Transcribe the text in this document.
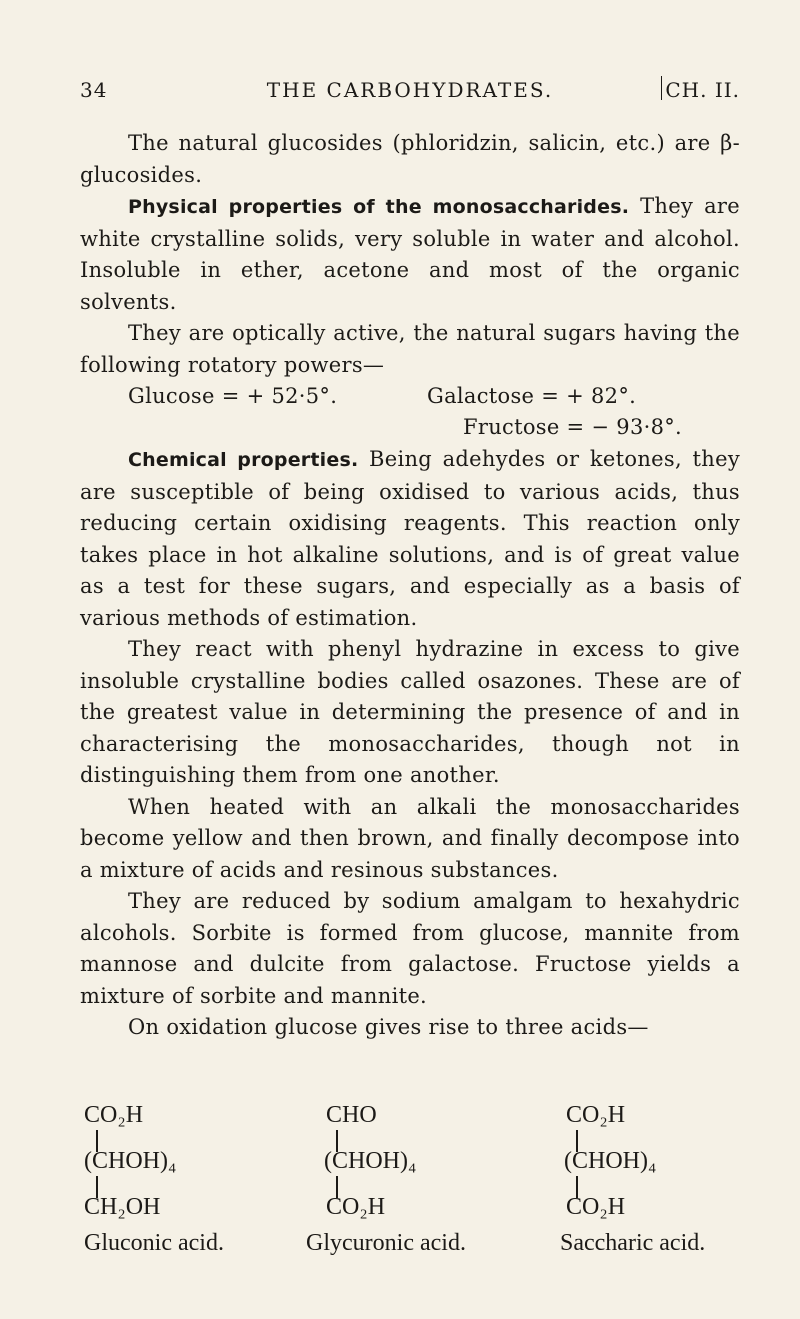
34	THE CARBOHYDRATES.	CH. II.

The natural glucosides (phloridzin, salicin, etc.) are β-glucosides.

Physical properties of the monosaccharides. They are white crystalline solids, very soluble in water and alcohol. Insoluble in ether, acetone and most of the organic solvents.

They are optically active, the natural sugars having the following rotatory powers—

Glucose = + 52·5°.	Galactose = + 82°.
Fructose = − 93·8°.

Chemical properties. Being adehydes or ketones, they are susceptible of being oxidised to various acids, thus reducing certain oxidising reagents. This reaction only takes place in hot alkaline solutions, and is of great value as a test for these sugars, and especially as a basis of various methods of estimation.

They react with phenyl hydrazine in excess to give insoluble crystalline bodies called osazones. These are of the greatest value in determining the presence of and in characterising the monosaccharides, though not in distinguishing them from one another.

When heated with an alkali the monosaccharides become yellow and then brown, and finally decompose into a mixture of acids and resinous substances.

They are reduced by sodium amalgam to hexahydric alcohols. Sorbite is formed from glucose, mannite from mannose and dulcite from galactose. Fructose yields a mixture of sorbite and mannite.

On oxidation glucose gives rise to three acids—

CO₂H
(CHOH)₄
CH₂OH
Gluconic acid.
CHO
(CHOH)₄
CO₂H
Glycuronic acid.
CO₂H
(CHOH)₄
CO₂H
Saccharic acid.
